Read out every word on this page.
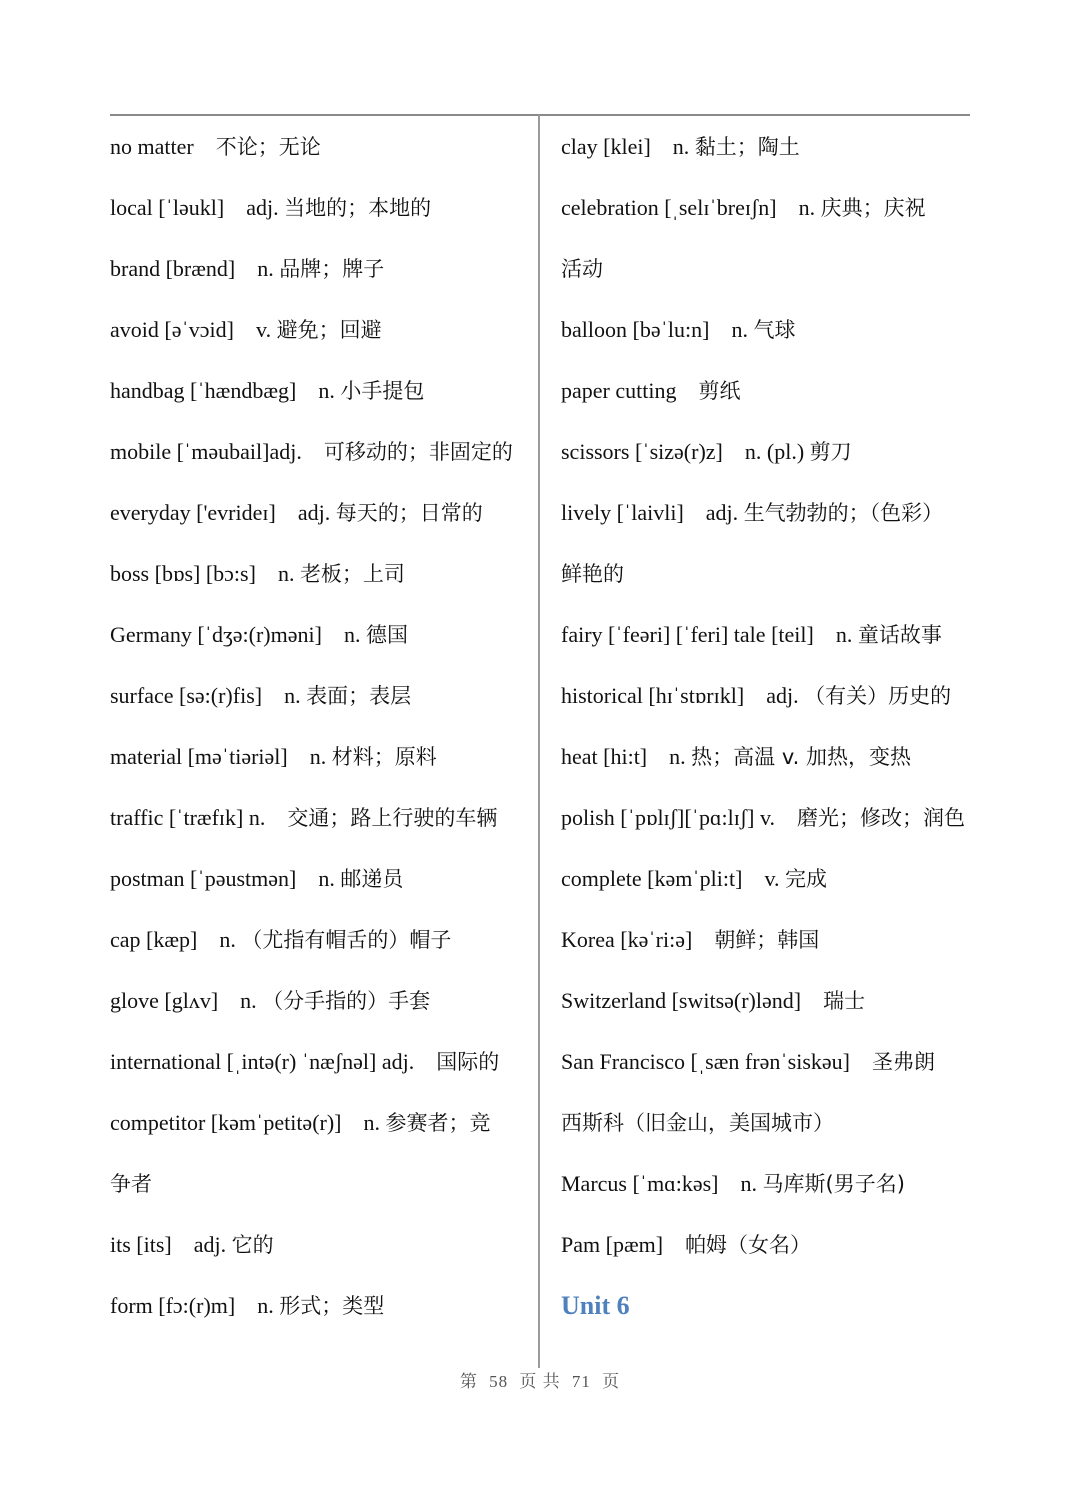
no matter 不论；无论
local [ˈləukl] adj. 当地的；本地的
brand [brænd] n. 品牌；牌子
avoid [əˈvɔid] v. 避免；回避
handbag [ˈhændbæg] n. 小手提包
mobile [ˈməubail]adj. 可移动的；非固定的
everyday ['evrideɪ] adj. 每天的；日常的
boss [bɒs] [bɔ:s] n. 老板；上司
Germany [ˈdʒə:(r)məni] n. 德国
surface [sə:(r)fis] n. 表面；表层
material [məˈtiəriəl] n. 材料；原料
traffic [ˈtræfɪk] n. 交通；路上行驶的车辆
postman [ˈpəustmən] n. 邮递员
cap [kæp] n. （尤指有帽舌的）帽子
glove [glʌv] n. （分手指的）手套
international [ˌintə(r) ˈnæʃnəl] adj. 国际的
competitor [kəmˈpetitə(r)] n. 参赛者；竞
争者
its [its] adj. 它的
form [fɔ:(r)m] n. 形式；类型
clay [klei] n. 黏土；陶土
celebration [ˌselɪˈbreɪʃn] n. 庆典；庆祝
活动
balloon [bəˈlu:n] n. 气球
paper cutting 剪纸
scissors [ˈsizə(r)z] n. (pl.) 剪刀
lively [ˈlaivli] adj. 生气勃勃的；（色彩）
鲜艳的
fairy [ˈfeəri] [ˈferi] tale [teil] n. 童话故事
historical [hɪˈstɒrɪkl] adj. （有关）历史的
heat [hi:t] n. 热；高温 v. 加热，变热
polish [ˈpɒlɪʃ][ˈpɑ:lɪʃ] v. 磨光；修改；润色
complete [kəmˈpli:t] v. 完成
Korea [kəˈri:ə] 朝鲜；韩国
Switzerland [switsə(r)lənd] 瑞士
San Francisco [ˌsæn frənˈsiskəu] 圣弗朗
西斯科（旧金山，美国城市）
Marcus [ˈmɑ:kəs] n. 马库斯(男子名)
Pam [pæm] 帕姆（女名）
Unit 6
第 58 页 共 71 页
